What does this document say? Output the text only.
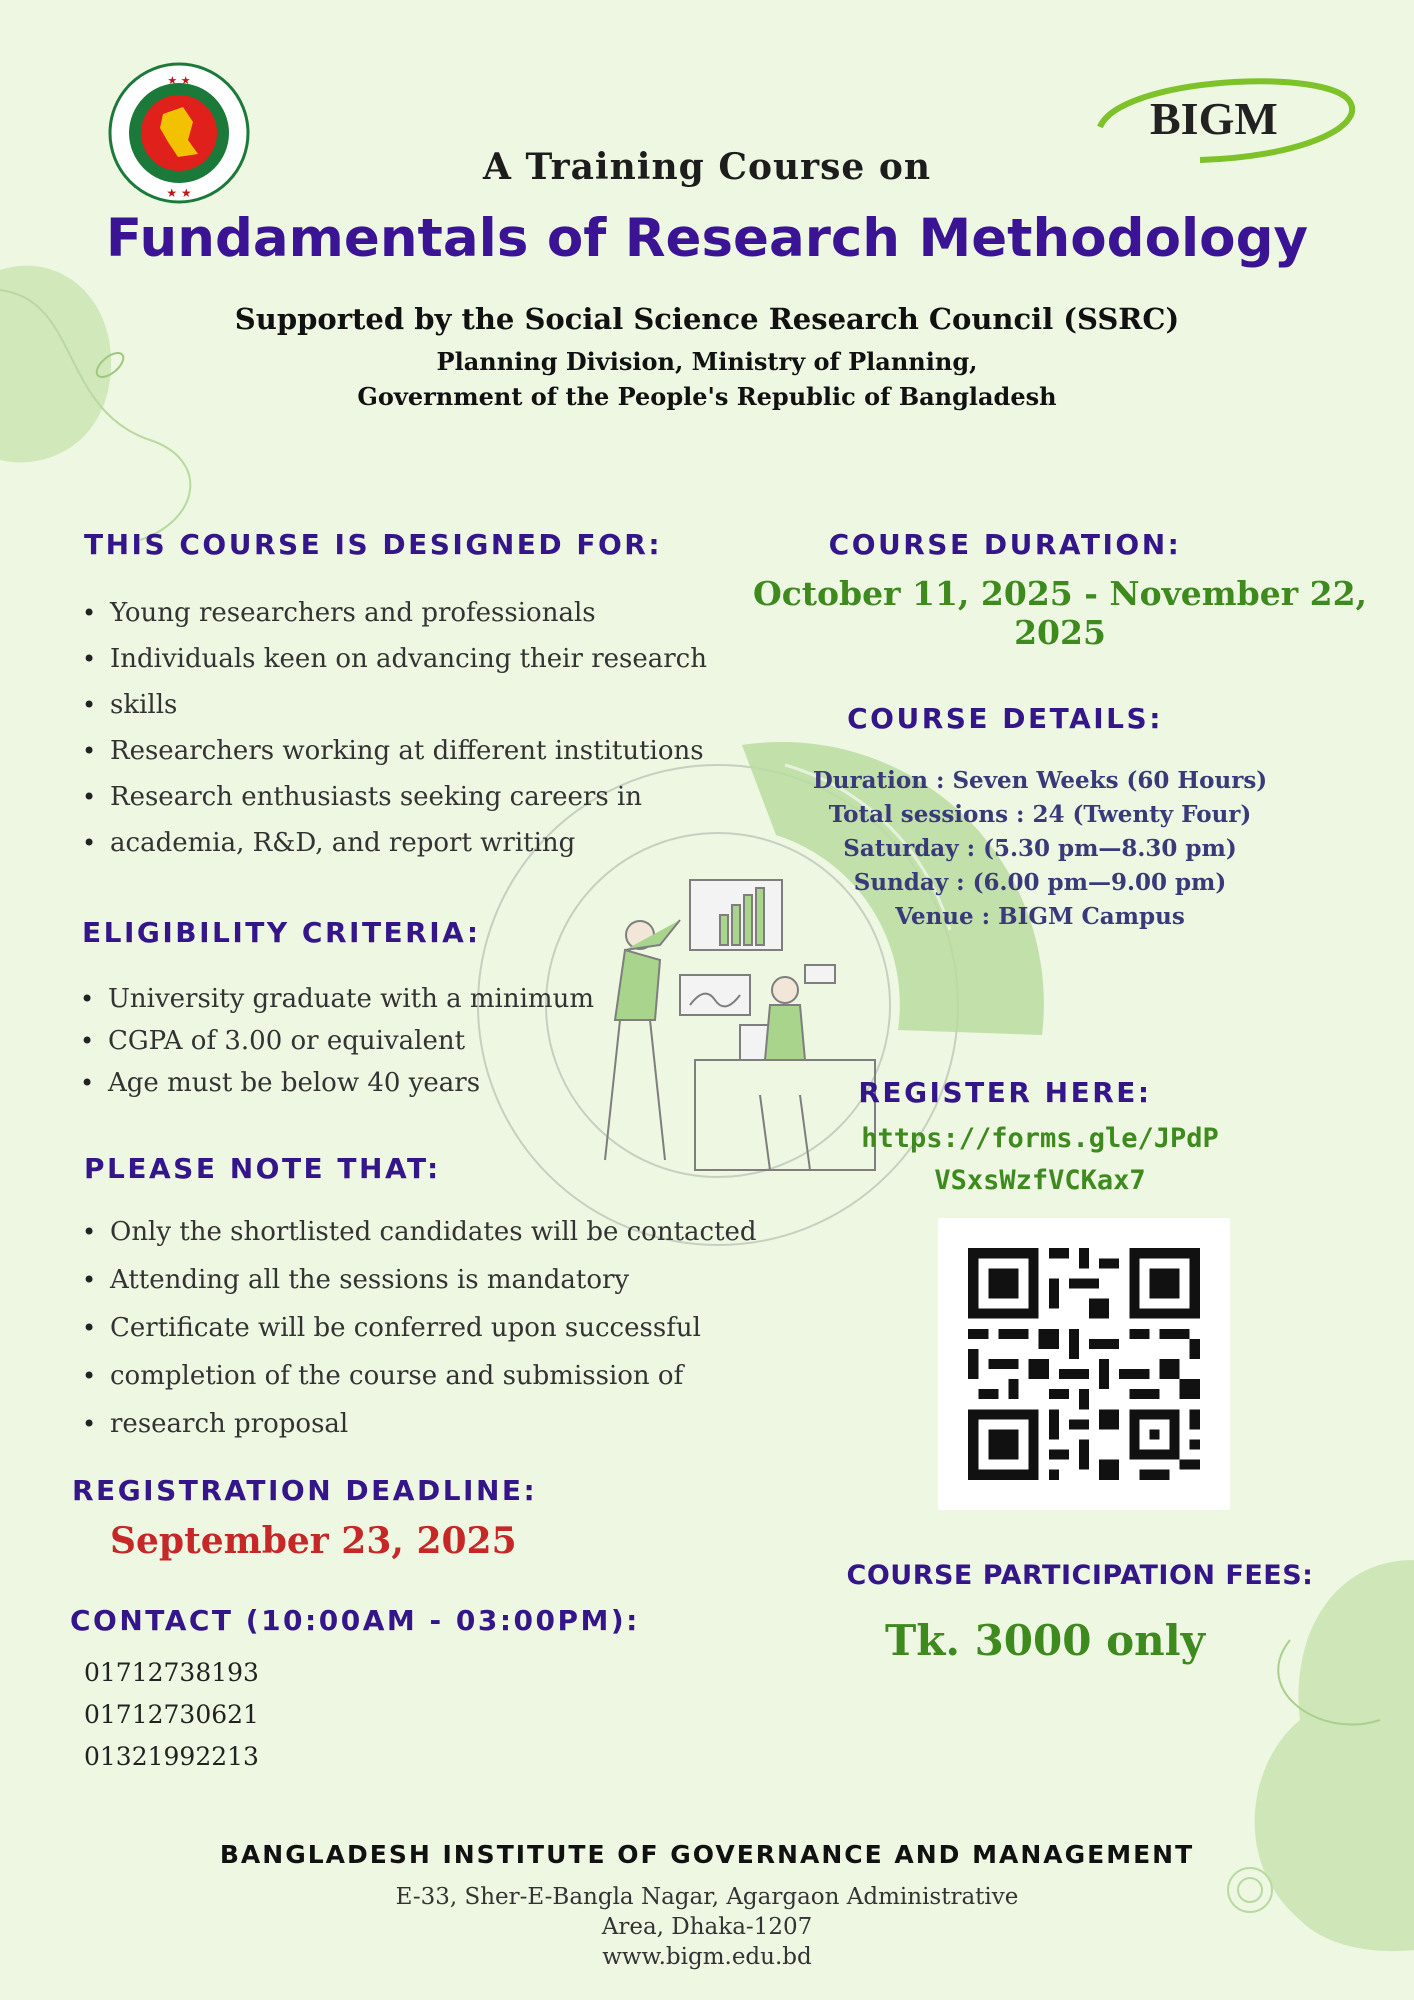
★ ★
★ ★
BIGM
A Training Course on
Fundamentals of Research Methodology
Supported by the Social Science Research Council (SSRC)
Planning Division, Ministry of Planning,
Government of the People's Republic of Bangladesh
THIS COURSE IS DESIGNED FOR:
• Young researchers and professionals
• Individuals keen on advancing their research
• skills
• Researchers working at different institutions
• Research enthusiasts seeking careers in
• academia, R&D, and report writing
ELIGIBILITY CRITERIA:
• University graduate with a minimum
• CGPA of 3.00 or equivalent
• Age must be below 40 years
PLEASE NOTE THAT:
• Only the shortlisted candidates will be contacted
• Attending all the sessions is mandatory
• Certificate will be conferred upon successful
• completion of the course and submission of
• research proposal
REGISTRATION DEADLINE:
September 23, 2025
CONTACT (10:00AM - 03:00PM):
01712738193
01712730621
01321992213
COURSE DURATION:
October 11, 2025 - November 22, 2025
COURSE DETAILS:
Duration : Seven Weeks (60 Hours)
Total sessions : 24 (Twenty Four)
Saturday : (5.30 pm—8.30 pm)
Sunday : (6.00 pm—9.00 pm)
Venue : BIGM Campus
REGISTER HERE:
https://forms.gle/JPdP
VSxsWzfVCKax7
COURSE PARTICIPATION FEES:
Tk. 3000 only
BANGLADESH INSTITUTE OF GOVERNANCE AND MANAGEMENT
E-33, Sher-E-Bangla Nagar, Agargaon Administrative
Area, Dhaka-1207
www.bigm.edu.bd
